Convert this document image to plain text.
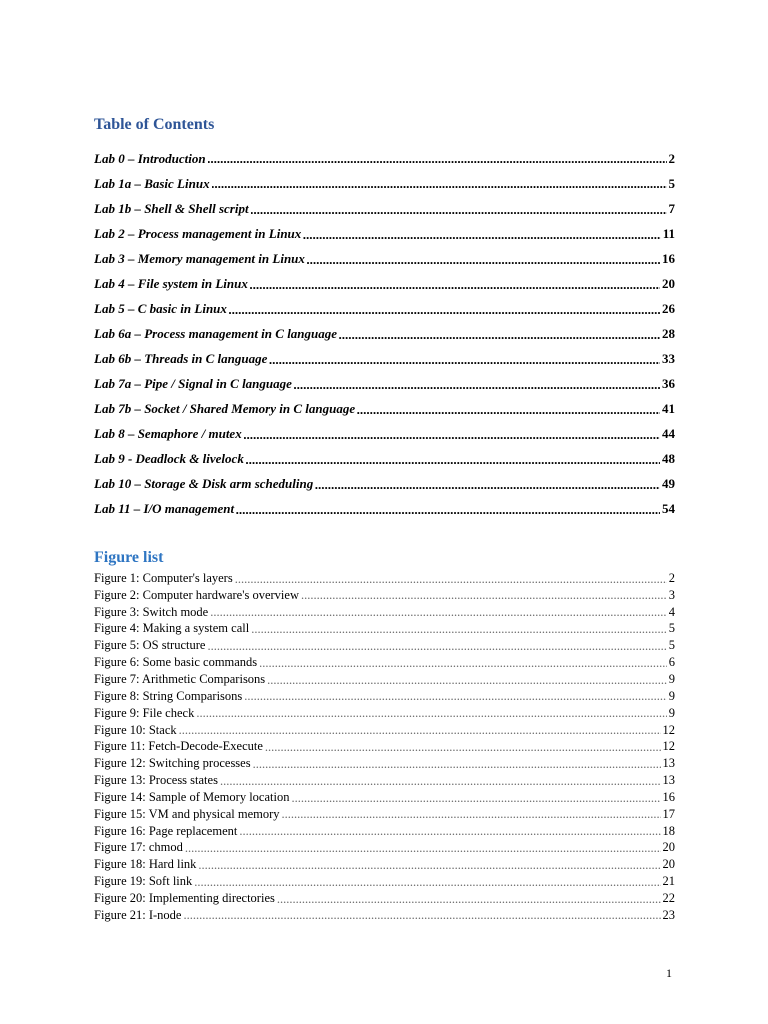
Table of Contents
Lab 0 – Introduction .....	2
Lab 1a – Basic Linux .....	5
Lab 1b – Shell & Shell script .....	7
Lab 2 – Process management in Linux .....	11
Lab 3 – Memory management in Linux .....	16
Lab 4 – File system in Linux .....	20
Lab 5 – C basic in Linux .....	26
Lab 6a – Process management in C language .....	28
Lab 6b – Threads in C language .....	33
Lab 7a – Pipe / Signal in C language .....	36
Lab 7b – Socket / Shared Memory in C language .....	41
Lab 8 – Semaphore / mutex .....	44
Lab 9 - Deadlock & livelock .....	48
Lab 10 – Storage & Disk arm scheduling .....	49
Lab 11 – I/O management .....	54
Figure list
Figure 1: Computer's layers .....	2
Figure 2: Computer hardware's overview .....	3
Figure 3: Switch mode .....	4
Figure 4: Making a system call .....	5
Figure 5: OS structure .....	5
Figure 6: Some basic commands .....	6
Figure 7: Arithmetic Comparisons .....	9
Figure 8: String Comparisons .....	9
Figure 9: File check .....	9
Figure 10: Stack .....	12
Figure 11: Fetch-Decode-Execute .....	12
Figure 12: Switching processes .....	13
Figure 13: Process states .....	13
Figure 14: Sample of Memory location .....	16
Figure 15: VM and physical memory .....	17
Figure 16: Page replacement .....	18
Figure 17: chmod .....	20
Figure 18: Hard link .....	20
Figure 19: Soft link .....	21
Figure 20: Implementing directories .....	22
Figure 21: I-node .....	23
1
